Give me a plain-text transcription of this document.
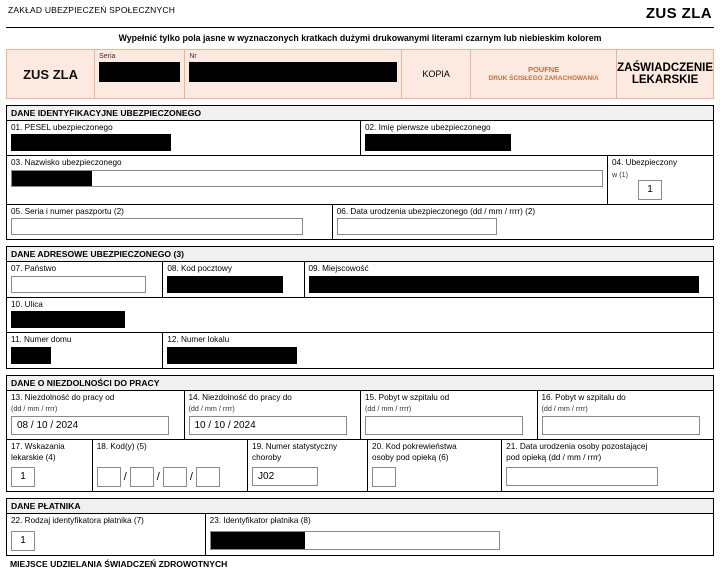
ZAKŁAD UBEZPIECZEŃ SPOŁECZNYCH	ZUS ZLA
Wypełnić tylko pola jasne w wyznaczonych kratkach dużymi drukowanymi literami czarnym lub niebieskim kolorem
ZUS ZLA
Seria	Nr
KOPIA	POUFNE
DRUK ŚCISŁEGO ZARACHOWANIA
ZAŚWIADCZENIE LEKARSKIE
DANE IDENTYFIKACYJNE UBEZPIECZONEGO
01. PESEL ubezpieczonego	02. Imię pierwsze ubezpieczonego
03. Nazwisko ubezpieczonego	04. Ubezpieczony
w (1)
1
05. Seria i numer paszportu (2)	06. Data urodzenia ubezpieczonego (dd / mm / rrrr) (2)
DANE ADRESOWE UBEZPIECZONEGO (3)
07. Państwo	08. Kod pocztowy	09. Miejscowość
10. Ulica
11. Numer domu	12. Numer lokalu
DANE O NIEZDOLNOŚCI DO PRACY
13. Niezdolność do pracy od
(dd / mm / rrrr)
08 / 10 / 2024
14. Niezdolność do pracy do
(dd / mm / rrrr)
10 / 10 / 2024
15. Pobyt w szpitalu od
(dd / mm / rrrr)
16. Pobyt w szpitalu do
(dd / mm / rrrr)
17. Wskazania
lekarskie (4)
1
18. Kod(y) (5)
/	/	/
19. Numer statystyczny
choroby
J02
20. Kod pokrewieństwa
osoby pod opieką (6)
21. Data urodzenia osoby pozostającej
pod opieką (dd / mm / rrrr)
DANE PŁATNIKA
22. Rodzaj identyfikatora płatnika (7)
1
23. Identyfikator płatnika (8)
MIEJSCE UDZIELANIA ŚWIADCZEŃ ZDROWOTNYCH
